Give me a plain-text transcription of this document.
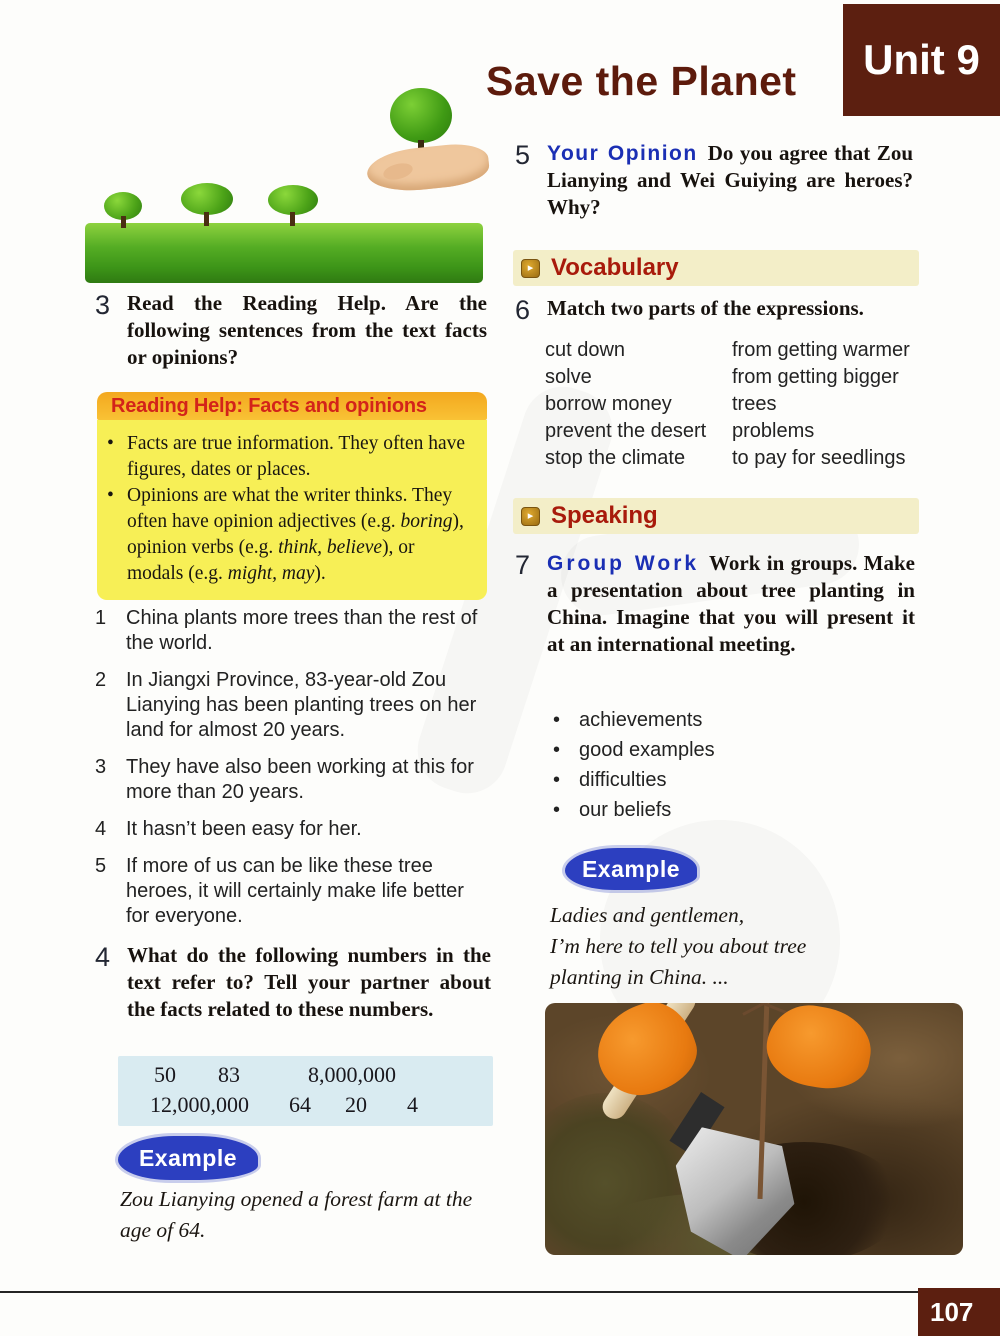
Save the Planet	Unit 9
3 Read the Reading Help. Are the following sentences from the text facts or opinions?
Reading Help: Facts and opinions
•
Facts are true information. They often have figures, dates or places.
•
Opinions are what the writer thinks. They often have opinion adjectives (e.g. boring), opinion verbs (e.g. think, believe), or modals (e.g. might, may).
1 China plants more trees than the rest of the world.
2 In Jiangxi Province, 83-year-old Zou Lianying has been planting trees on her land for almost 20 years.
3 They have also been working at this for more than 20 years.
4 It hasn’t been easy for her.
5 If more of us can be like these tree heroes, it will certainly make life better for everyone.
4 What do the following numbers in the text refer to? Tell your partner about the facts related to these numbers.
50 83	8,000,000
12,000,000 64 20 4
Example
Zou Lianying opened a forest farm at the age of 64.
5 Your Opinion Do you agree that Zou Lianying and Wei Guiying are heroes? Why?
▸ Vocabulary
6 Match two parts of the expressions.
cut down
solve
borrow money
prevent the desert
stop the climate
from getting warmer
from getting bigger
trees
problems
to pay for seedlings
▸ Speaking
7 Group Work Work in groups. Make a presentation about tree planting in China. Imagine that you will present it at an international meeting.
•
achievements
•
good examples
•
difficulties
•
our beliefs
Example
Ladies and gentlemen,
I’m here to tell you about tree
planting in China. ...
107
